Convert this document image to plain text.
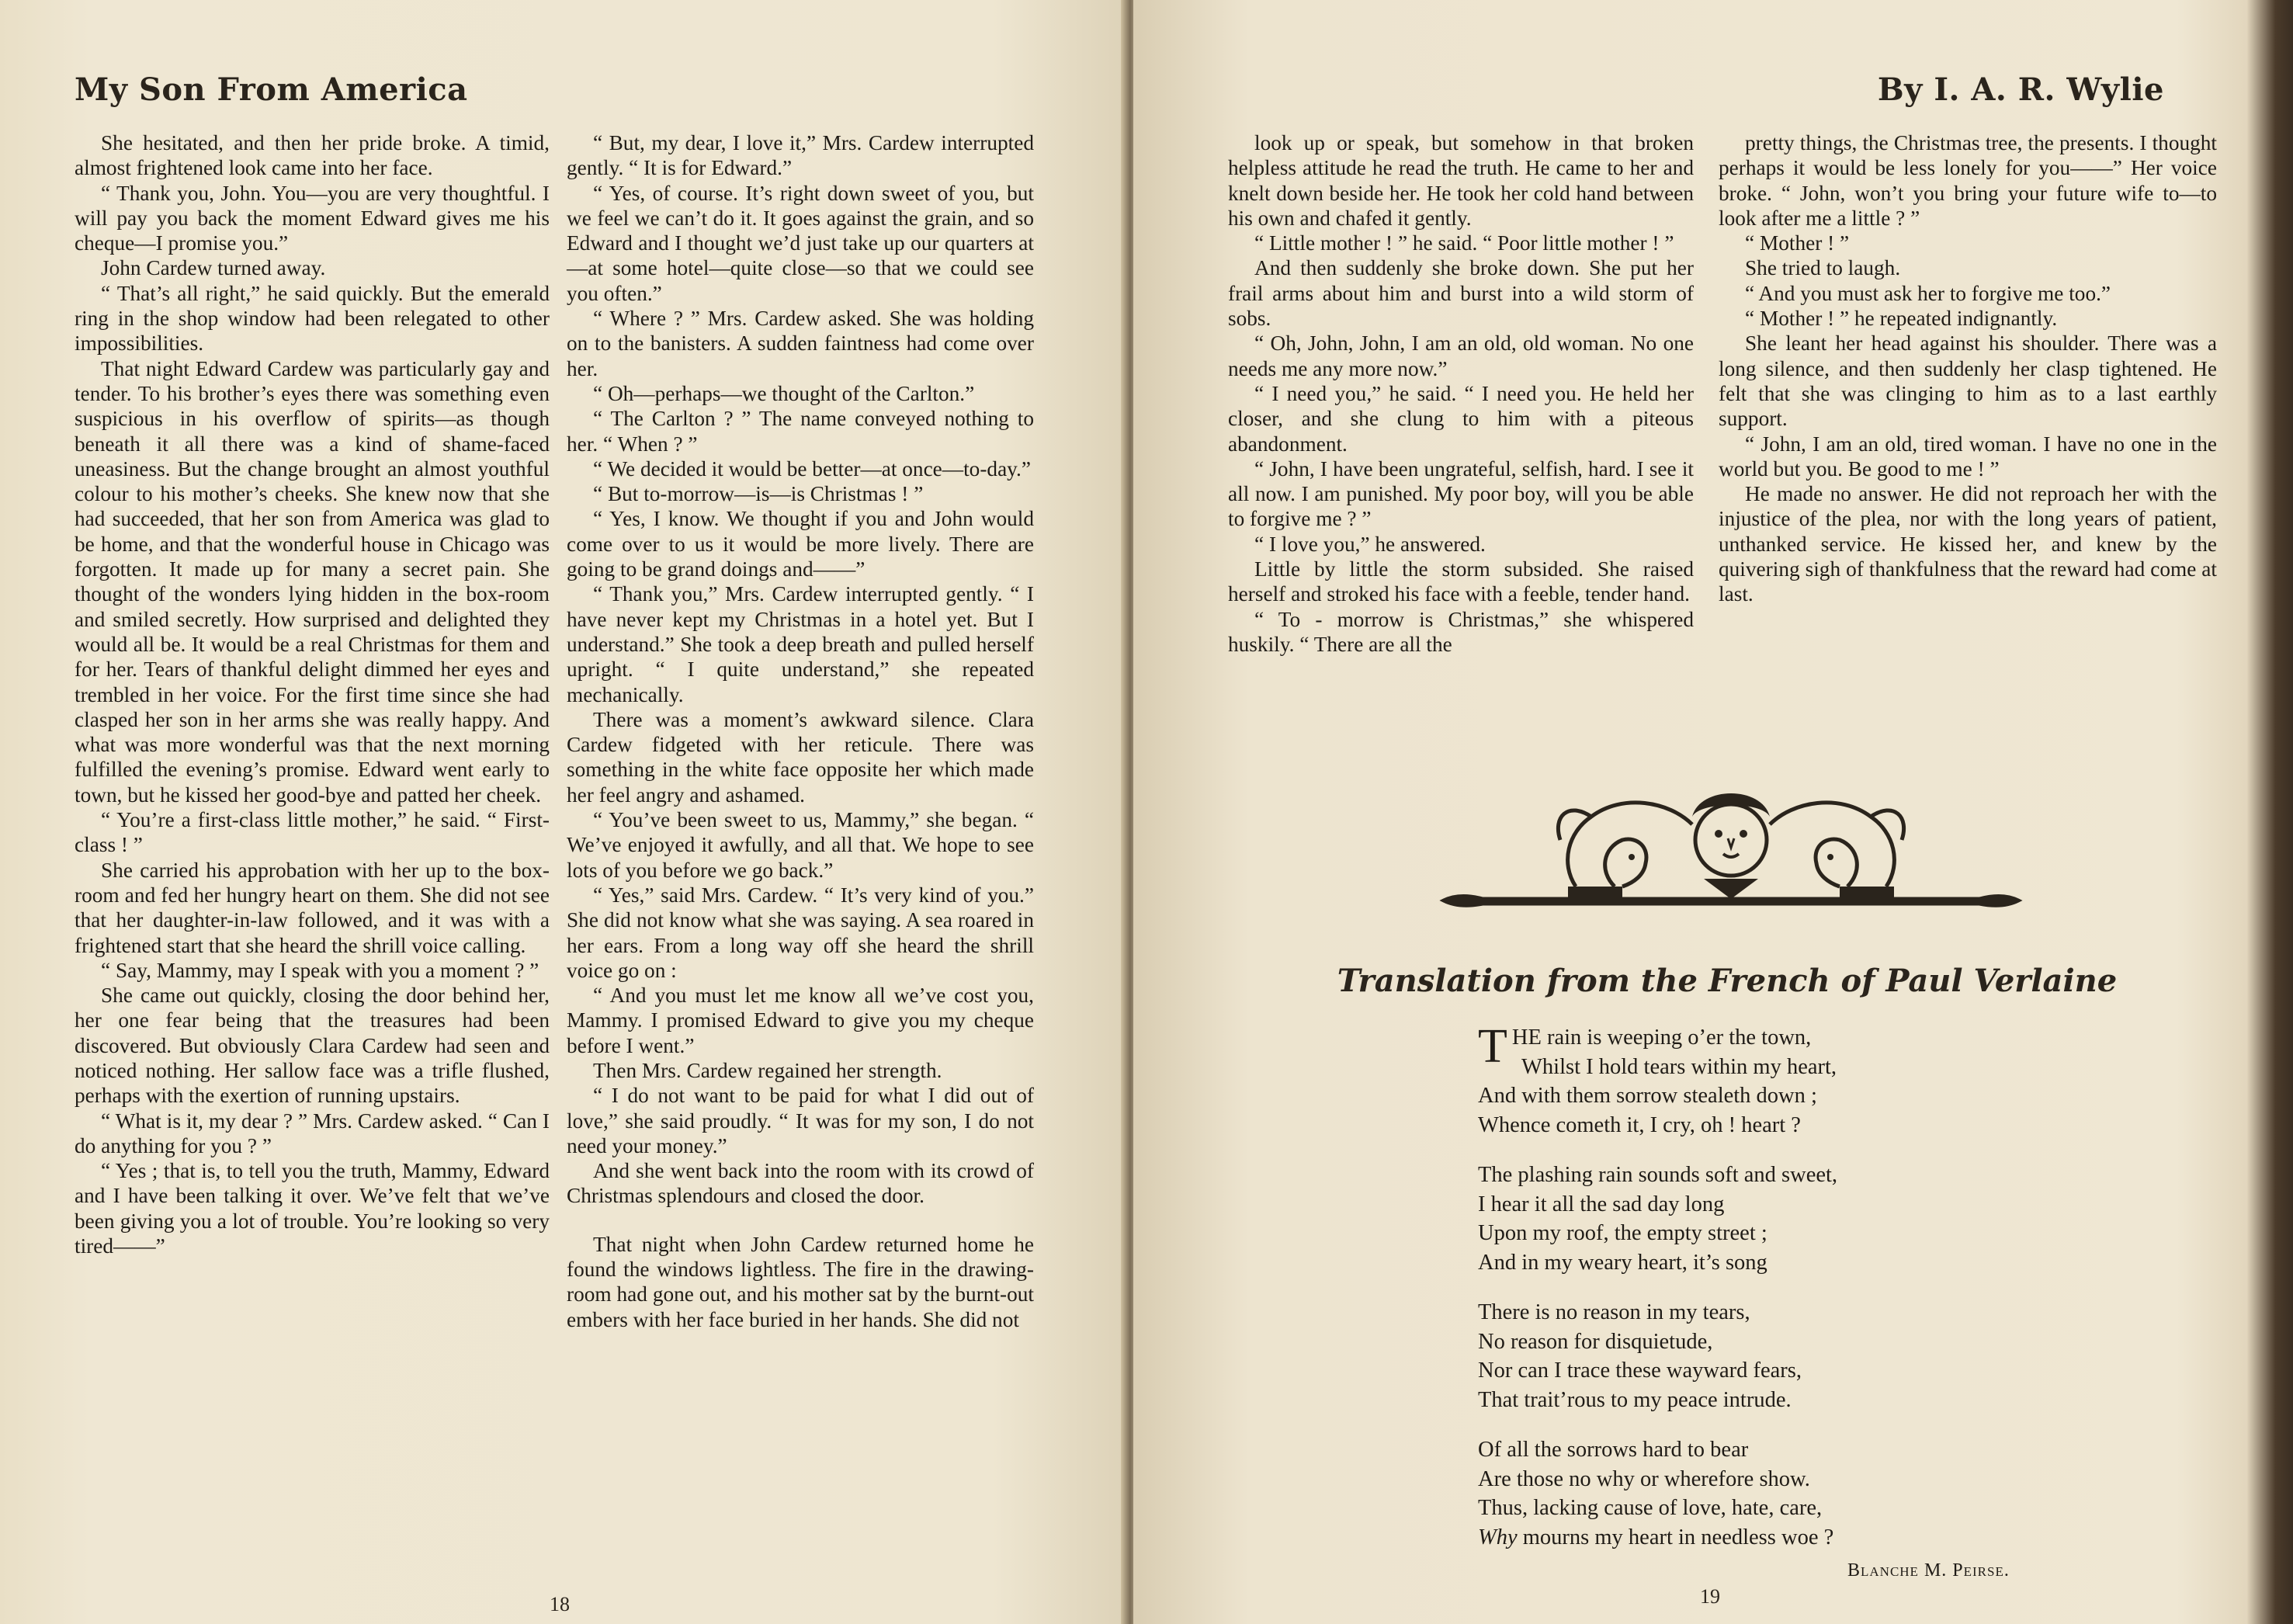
My Son From America

She hesitated, and then her pride broke. A timid, almost frightened look came into her face.

“ Thank you, John. You—you are very thoughtful. I will pay you back the moment Edward gives me his cheque—I promise you.”

John Cardew turned away.

“ That’s all right,” he said quickly. But the emerald ring in the shop window had been relegated to other impossibilities.

That night Edward Cardew was particularly gay and tender. To his brother’s eyes there was something even suspicious in his overflow of spirits—as though beneath it all there was a kind of shame-faced uneasiness. But the change brought an almost youthful colour to his mother’s cheeks. She knew now that she had succeeded, that her son from America was glad to be home, and that the wonderful house in Chicago was forgotten. It made up for many a secret pain. She thought of the wonders lying hidden in the box-room and smiled secretly. How surprised and delighted they would all be. It would be a real Christmas for them and for her. Tears of thankful delight dimmed her eyes and trembled in her voice. For the first time since she had clasped her son in her arms she was really happy. And what was more wonderful was that the next morning fulfilled the evening’s promise. Edward went early to town, but he kissed her good-bye and patted her cheek.

“ You’re a first-class little mother,” he said. “ First-class ! ”

She carried his approbation with her up to the box-room and fed her hungry heart on them. She did not see that her daughter-in-law followed, and it was with a frightened start that she heard the shrill voice calling.

“ Say, Mammy, may I speak with you a moment ? ”

She came out quickly, closing the door behind her, her one fear being that the treasures had been discovered. But obviously Clara Cardew had seen and noticed nothing. Her sallow face was a trifle flushed, perhaps with the exertion of running upstairs.

“ What is it, my dear ? ” Mrs. Cardew asked. “ Can I do anything for you ? ”

“ Yes ; that is, to tell you the truth, Mammy, Edward and I have been talking it over. We’ve felt that we’ve been giving you a lot of trouble. You’re looking so very tired——”

“ But, my dear, I love it,” Mrs. Cardew interrupted gently. “ It is for Edward.”

“ Yes, of course. It’s right down sweet of you, but we feel we can’t do it. It goes against the grain, and so Edward and I thought we’d just take up our quarters at—at some hotel—quite close—so that we could see you often.”

“ Where ? ” Mrs. Cardew asked. She was holding on to the banisters. A sudden faintness had come over her.

“ Oh—perhaps—we thought of the Carlton.”

“ The Carlton ? ” The name conveyed nothing to her. “ When ? ”

“ We decided it would be better—at once—to-day.”

“ But to-morrow—is—is Christmas ! ”

“ Yes, I know. We thought if you and John would come over to us it would be more lively. There are going to be grand doings and——”

“ Thank you,” Mrs. Cardew interrupted gently. “ I have never kept my Christmas in a hotel yet. But I understand.” She took a deep breath and pulled herself upright. “ I quite understand,” she repeated mechanically.

There was a moment’s awkward silence. Clara Cardew fidgeted with her reticule. There was something in the white face opposite her which made her feel angry and ashamed.

“ You’ve been sweet to us, Mammy,” she began. “ We’ve enjoyed it awfully, and all that. We hope to see lots of you before we go back.”

“ Yes,” said Mrs. Cardew. “ It’s very kind of you.” She did not know what she was saying. A sea roared in her ears. From a long way off she heard the shrill voice go on :

“ And you must let me know all we’ve cost you, Mammy. I promised Edward to give you my cheque before I went.”

Then Mrs. Cardew regained her strength.

“ I do not want to be paid for what I did out of love,” she said proudly. “ It was for my son, I do not need your money.”

And she went back into the room with its crowd of Christmas splendours and closed the door.

That night when John Cardew returned home he found the windows lightless. The fire in the drawing-room had gone out, and his mother sat by the burnt-out embers with her face buried in her hands. She did not

18
By I. A. R. Wylie

look up or speak, but somehow in that broken helpless attitude he read the truth. He came to her and knelt down beside her. He took her cold hand between his own and chafed it gently.

“ Little mother ! ” he said. “ Poor little mother ! ”

And then suddenly she broke down. She put her frail arms about him and burst into a wild storm of sobs.

“ Oh, John, John, I am an old, old woman. No one needs me any more now.”

“ I need you,” he said. “ I need you. He held her closer, and she clung to him with a piteous abandonment.

“ John, I have been ungrateful, selfish, hard. I see it all now. I am punished. My poor boy, will you be able to forgive me ? ”

“ I love you,” he answered.

Little by little the storm subsided. She raised herself and stroked his face with a feeble, tender hand.

“ To - morrow is Christmas,” she whispered huskily. “ There are all the

pretty things, the Christmas tree, the presents. I thought perhaps it would be less lonely for you——” Her voice broke. “ John, won’t you bring your future wife to—to look after me a little ? ”

“ Mother ! ”

She tried to laugh.

“ And you must ask her to forgive me too.”

“ Mother ! ” he repeated indignantly.

She leant her head against his shoulder. There was a long silence, and then suddenly her clasp tightened. He felt that she was clinging to him as to a last earthly support.

“ John, I am an old, tired woman. I have no one in the world but you. Be good to me ! ”

He made no answer. He did not reproach her with the injustice of the plea, nor with the long years of patient, unthanked service. He kissed her, and knew by the quivering sigh of thankfulness that the reward had come at last.

Translation from the French of Paul Verlaine
THE rain is weeping o’er the town,
Whilst I hold tears within my heart,
And with them sorrow stealeth down ;
Whence cometh it, I cry, oh ! heart ?
The plashing rain sounds soft and sweet,
I hear it all the sad day long
Upon my roof, the empty street ;
And in my weary heart, it’s song
There is no reason in my tears,
No reason for disquietude,
Nor can I trace these wayward fears,
That trait’rous to my peace intrude.
Of all the sorrows hard to bear
Are those no why or wherefore show.
Thus, lacking cause of love, hate, care,
Why mourns my heart in needless woe ?
Blanche M. Peirse.
19
